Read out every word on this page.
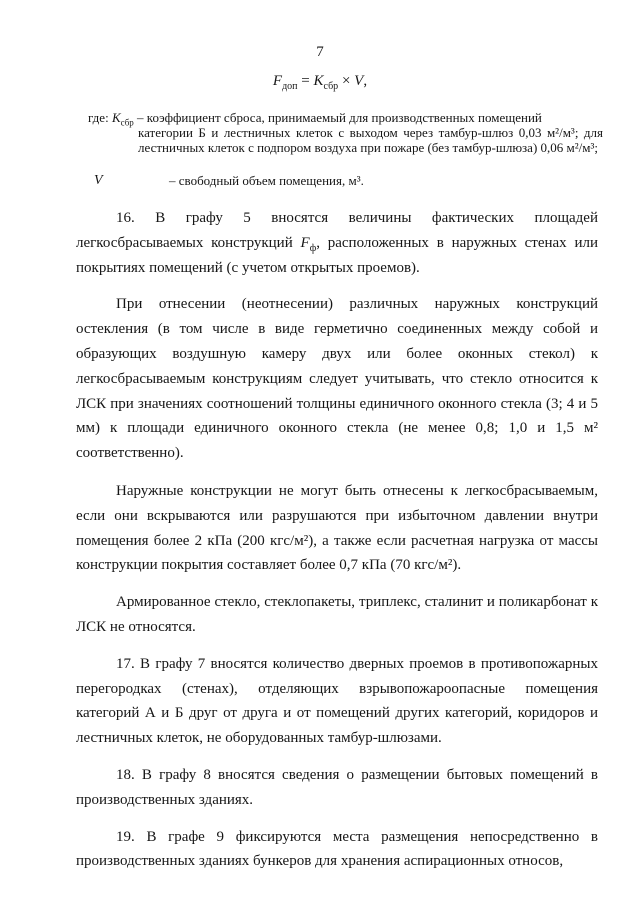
7
$F_{доп} = K_{сбр} \times V$,
где: $K_{сбр}$ – коэффициент сброса, принимаемый для производственных помещений
категории Б и лестничных клеток с выходом через тамбур-шлюз 0,03 м²/м³; для лестничных клеток с подпором воздуха при пожаре (без тамбур-шлюза) 0,06 м²/м³;
V	– свободный объем помещения, м³.

16. В графу 5 вносятся величины фактических площадей легкосбрасываемых конструкций $F_ф$, расположенных в наружных стенах или покрытиях помещений (с учетом открытых проемов).

При отнесении (неотнесении) различных наружных конструкций остекления (в том числе в виде герметично соединенных между собой и образующих воздушную камеру двух или более оконных стекол) к легкосбрасываемым конструкциям следует учитывать, что стекло относится к ЛСК при значениях соотношений толщины единичного оконного стекла (3; 4 и 5 мм) к площади единичного оконного стекла (не менее 0,8; 1,0 и 1,5 м² соответственно).

Наружные конструкции не могут быть отнесены к легкосбрасываемым, если они вскрываются или разрушаются при избыточном давлении внутри помещения более 2 кПа (200 кгс/м²), а также если расчетная нагрузка от массы конструкции покрытия составляет более 0,7 кПа (70 кгс/м²).

Армированное стекло, стеклопакеты, триплекс, сталинит и поликарбонат к ЛСК не относятся.

17. В графу 7 вносятся количество дверных проемов в противопожарных перегородках (стенах), отделяющих взрывопожароопасные помещения категорий А и Б друг от друга и от помещений других категорий, коридоров и лестничных клеток, не оборудованных тамбур-шлюзами.

18. В графу 8 вносятся сведения о размещении бытовых помещений в производственных зданиях.

19. В графе 9 фиксируются места размещения непосредственно в производственных зданиях бункеров для хранения аспирационных относов,
